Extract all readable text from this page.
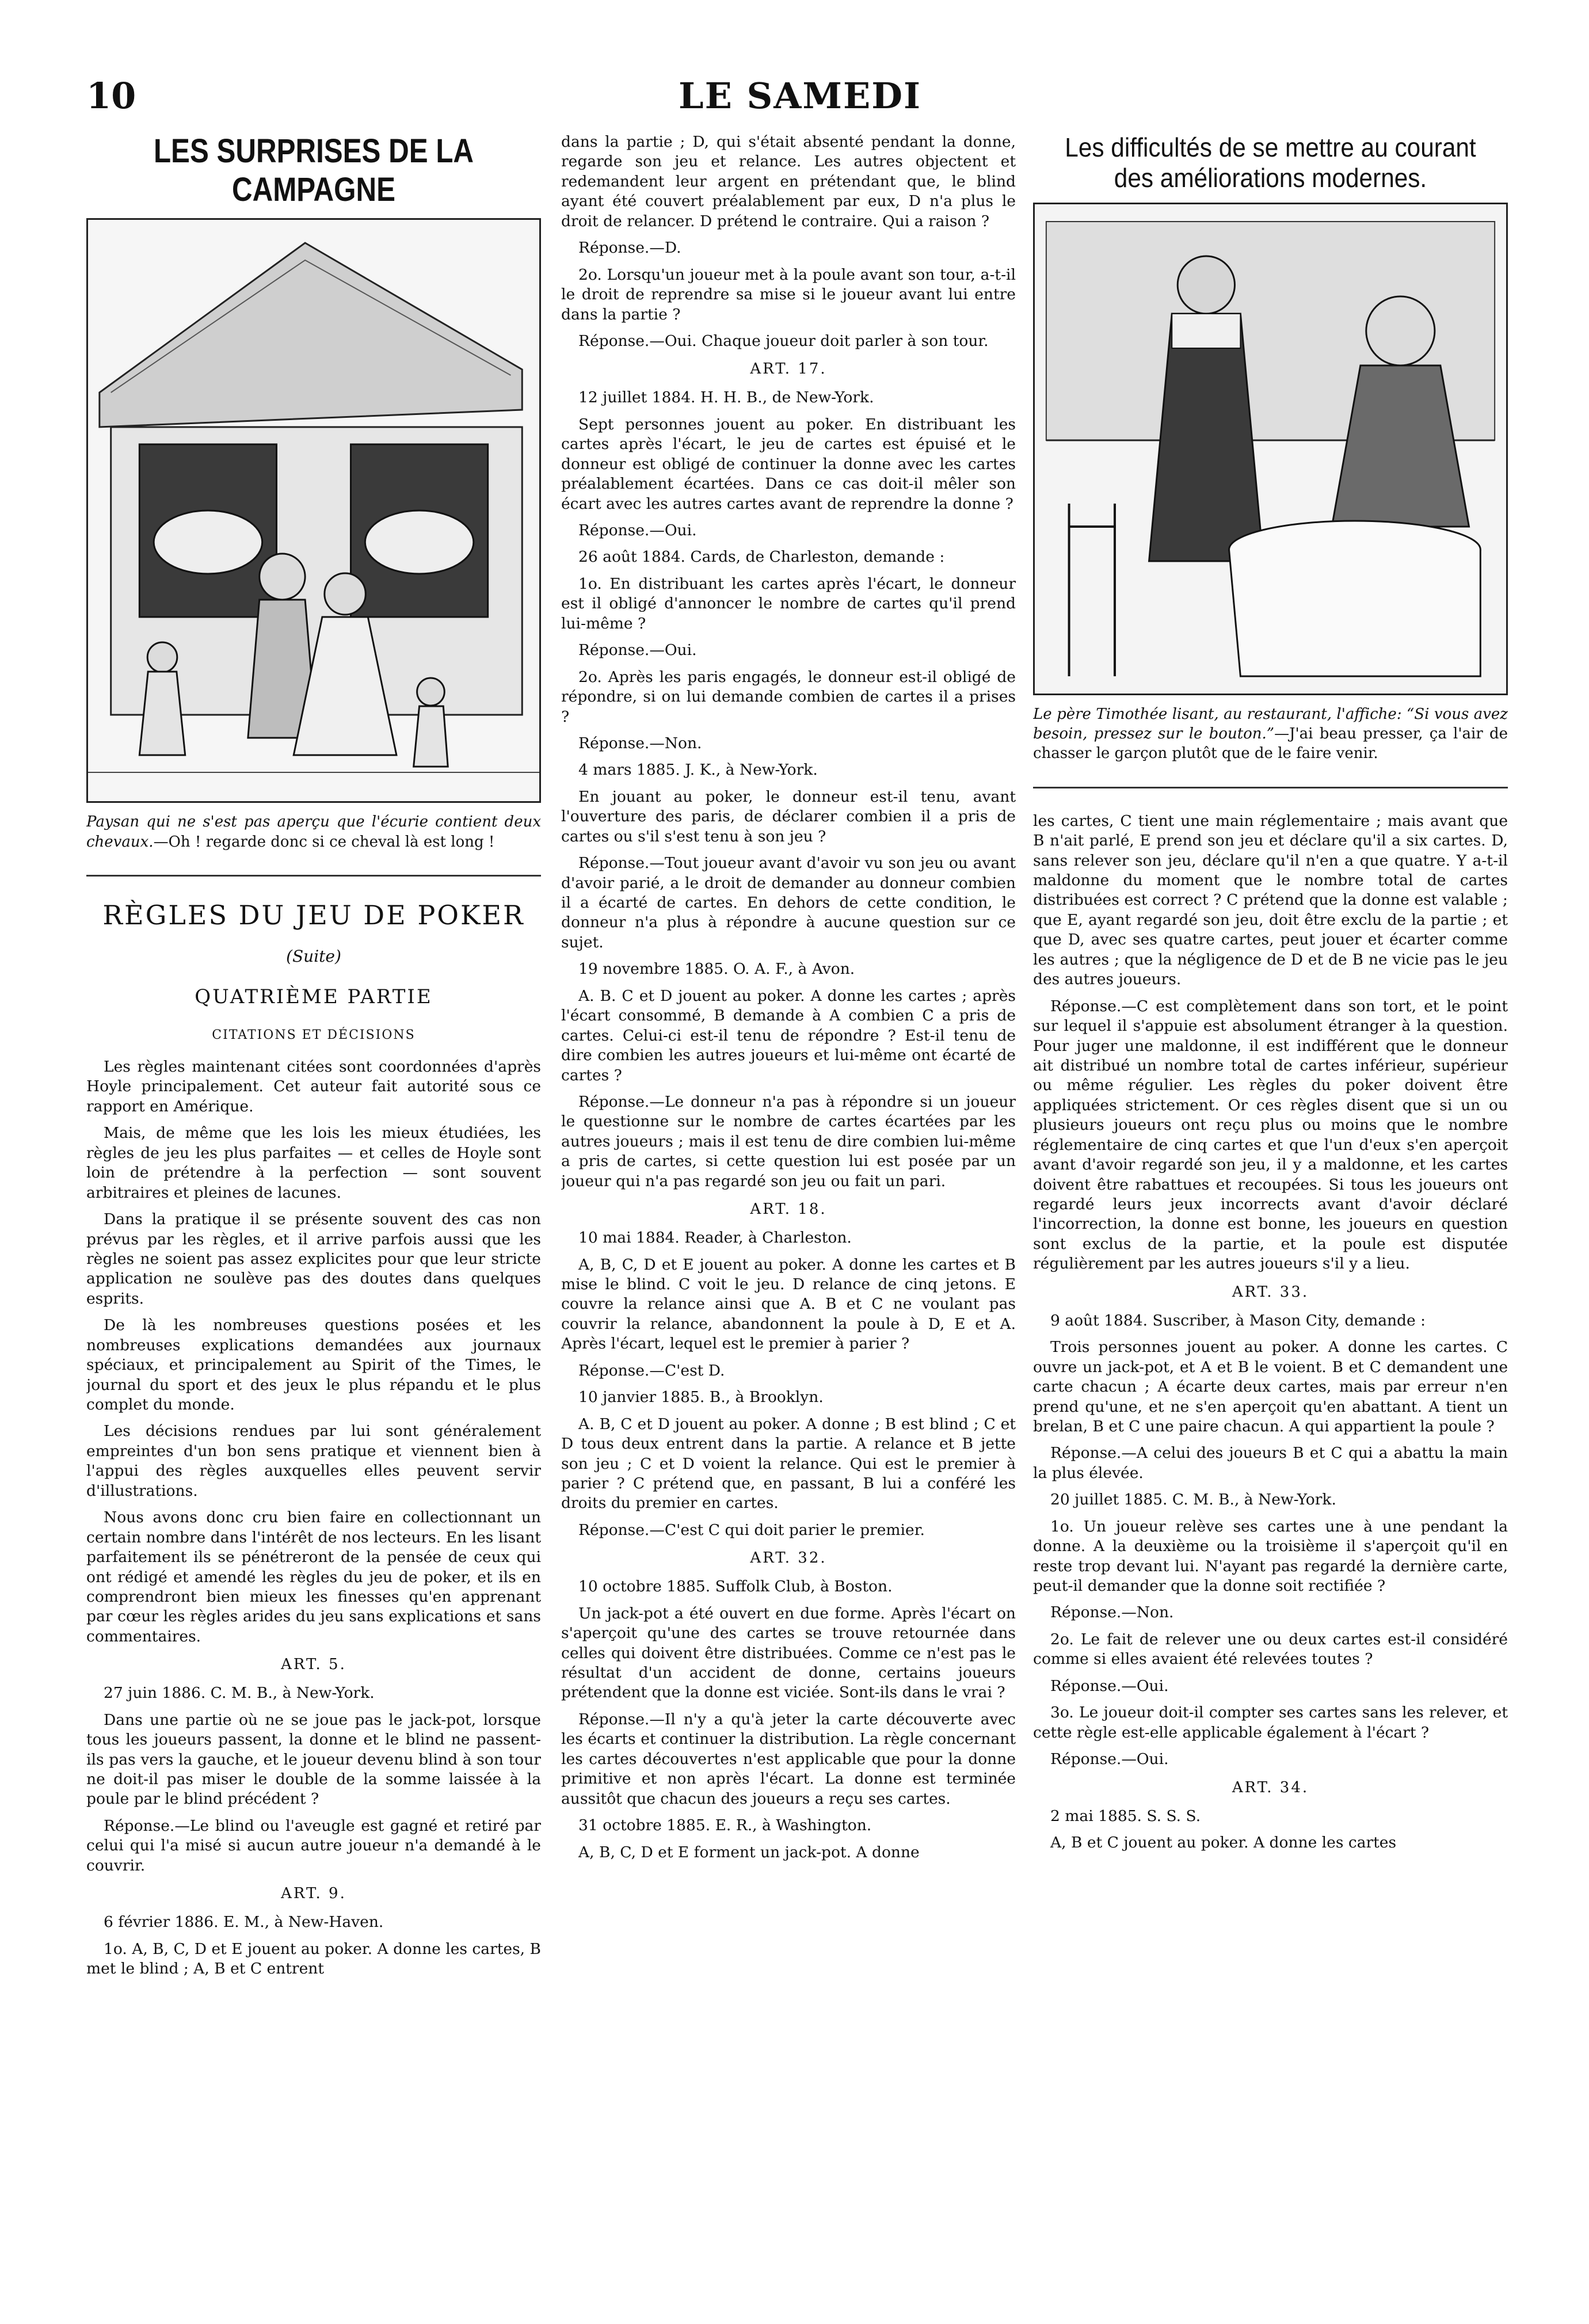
10	LE SAMEDI
LES SURPRISES DE LA CAMPAGNE
Paysan qui ne s'est pas aperçu que l'écurie contient deux chevaux.—Oh ! regarde donc si ce cheval là est long !
RÈGLES DU JEU DE POKER
(Suite)
QUATRIÈME PARTIE
CITATIONS ET DÉCISIONS

Les règles maintenant citées sont coordonnées d'après Hoyle principalement. Cet auteur fait autorité sous ce rapport en Amérique.

Mais, de même que les lois les mieux étudiées, les règles de jeu les plus parfaites — et celles de Hoyle sont loin de prétendre à la perfection — sont souvent arbitraires et pleines de lacunes.

Dans la pratique il se présente souvent des cas non prévus par les règles, et il arrive parfois aussi que les règles ne soient pas assez explicites pour que leur stricte application ne soulève pas des doutes dans quelques esprits.

De là les nombreuses questions posées et les nombreuses explications demandées aux journaux spéciaux, et principalement au Spirit of the Times, le journal du sport et des jeux le plus répandu et le plus complet du monde.

Les décisions rendues par lui sont généralement empreintes d'un bon sens pratique et viennent bien à l'appui des règles auxquelles elles peuvent servir d'illustrations.

Nous avons donc cru bien faire en collectionnant un certain nombre dans l'intérêt de nos lecteurs. En les lisant parfaitement ils se pénétreront de la pensée de ceux qui ont rédigé et amendé les règles du jeu de poker, et ils en comprendront bien mieux les finesses qu'en apprenant par cœur les règles arides du jeu sans explications et sans commentaires.

ART. 5.

27 juin 1886. C. M. B., à New-York.

Dans une partie où ne se joue pas le jack-pot, lorsque tous les joueurs passent, la donne et le blind ne passent-ils pas vers la gauche, et le joueur devenu blind à son tour ne doit-il pas miser le double de la somme laissée à la poule par le blind précédent ?

Réponse.—Le blind ou l'aveugle est gagné et retiré par celui qui l'a misé si aucun autre joueur n'a demandé à le couvrir.

ART. 9.

6 février 1886. E. M., à New-Haven.

1o. A, B, C, D et E jouent au poker. A donne les cartes, B met le blind ; A, B et C entrent

dans la partie ; D, qui s'était absenté pendant la donne, regarde son jeu et relance. Les autres objectent et redemandent leur argent en prétendant que, le blind ayant été couvert préalablement par eux, D n'a plus le droit de relancer. D prétend le contraire. Qui a raison ?

Réponse.—D.

2o. Lorsqu'un joueur met à la poule avant son tour, a-t-il le droit de reprendre sa mise si le joueur avant lui entre dans la partie ?

Réponse.—Oui. Chaque joueur doit parler à son tour.

ART. 17.

12 juillet 1884. H. H. B., de New-York.

Sept personnes jouent au poker. En distribuant les cartes après l'écart, le jeu de cartes est épuisé et le donneur est obligé de continuer la donne avec les cartes préalablement écartées. Dans ce cas doit-il mêler son écart avec les autres cartes avant de reprendre la donne ?

Réponse.—Oui.

26 août 1884. Cards, de Charleston, demande :

1o. En distribuant les cartes après l'écart, le donneur est il obligé d'annoncer le nombre de cartes qu'il prend lui-même ?

Réponse.—Oui.

2o. Après les paris engagés, le donneur est-il obligé de répondre, si on lui demande combien de cartes il a prises ?

Réponse.—Non.

4 mars 1885. J. K., à New-York.

En jouant au poker, le donneur est-il tenu, avant l'ouverture des paris, de déclarer combien il a pris de cartes ou s'il s'est tenu à son jeu ?

Réponse.—Tout joueur avant d'avoir vu son jeu ou avant d'avoir parié, a le droit de demander au donneur combien il a écarté de cartes. En dehors de cette condition, le donneur n'a plus à répondre à aucune question sur ce sujet.

19 novembre 1885. O. A. F., à Avon.

A. B. C et D jouent au poker. A donne les cartes ; après l'écart consommé, B demande à A combien C a pris de cartes. Celui-ci est-il tenu de répondre ? Est-il tenu de dire combien les autres joueurs et lui-même ont écarté de cartes ?

Réponse.—Le donneur n'a pas à répondre si un joueur le questionne sur le nombre de cartes écartées par les autres joueurs ; mais il est tenu de dire combien lui-même a pris de cartes, si cette question lui est posée par un joueur qui n'a pas regardé son jeu ou fait un pari.

ART. 18.

10 mai 1884. Reader, à Charleston.

A, B, C, D et E jouent au poker. A donne les cartes et B mise le blind. C voit le jeu. D relance de cinq jetons. E couvre la relance ainsi que A. B et C ne voulant pas couvrir la relance, abandonnent la poule à D, E et A. Après l'écart, lequel est le premier à parier ?

Réponse.—C'est D.

10 janvier 1885. B., à Brooklyn.

A. B, C et D jouent au poker. A donne ; B est blind ; C et D tous deux entrent dans la partie. A relance et B jette son jeu ; C et D voient la relance. Qui est le premier à parier ? C prétend que, en passant, B lui a conféré les droits du premier en cartes.

Réponse.—C'est C qui doit parier le premier.

ART. 32.

10 octobre 1885. Suffolk Club, à Boston.

Un jack-pot a été ouvert en due forme. Après l'écart on s'aperçoit qu'une des cartes se trouve retournée dans celles qui doivent être distribuées. Comme ce n'est pas le résultat d'un accident de donne, certains joueurs prétendent que la donne est viciée. Sont-ils dans le vrai ?

Réponse.—Il n'y a qu'à jeter la carte découverte avec les écarts et continuer la distribution. La règle concernant les cartes découvertes n'est applicable que pour la donne primitive et non après l'écart. La donne est terminée aussitôt que chacun des joueurs a reçu ses cartes.

31 octobre 1885. E. R., à Washington.

A, B, C, D et E forment un jack-pot. A donne

Les difficultés de se mettre au courant des améliorations modernes.
Le père Timothée lisant, au restaurant, l'affiche: “Si vous avez besoin, pressez sur le bouton.”—J'ai beau presser, ça l'air de chasser le garçon plutôt que de le faire venir.

les cartes, C tient une main réglementaire ; mais avant que B n'ait parlé, E prend son jeu et déclare qu'il a six cartes. D, sans relever son jeu, déclare qu'il n'en a que quatre. Y a-t-il maldonne du moment que le nombre total de cartes distribuées est correct ? C prétend que la donne est valable ; que E, ayant regardé son jeu, doit être exclu de la partie ; et que D, avec ses quatre cartes, peut jouer et écarter comme les autres ; que la négligence de D et de B ne vicie pas le jeu des autres joueurs.

Réponse.—C est complètement dans son tort, et le point sur lequel il s'appuie est absolument étranger à la question. Pour juger une maldonne, il est indifférent que le donneur ait distribué un nombre total de cartes inférieur, supérieur ou même régulier. Les règles du poker doivent être appliquées strictement. Or ces règles disent que si un ou plusieurs joueurs ont reçu plus ou moins que le nombre réglementaire de cinq cartes et que l'un d'eux s'en aperçoit avant d'avoir regardé son jeu, il y a maldonne, et les cartes doivent être rabattues et recoupées. Si tous les joueurs ont regardé leurs jeux incorrects avant d'avoir déclaré l'incorrection, la donne est bonne, les joueurs en question sont exclus de la partie, et la poule est disputée régulièrement par les autres joueurs s'il y a lieu.

ART. 33.

9 août 1884. Suscriber, à Mason City, demande :

Trois personnes jouent au poker. A donne les cartes. C ouvre un jack-pot, et A et B le voient. B et C demandent une carte chacun ; A écarte deux cartes, mais par erreur n'en prend qu'une, et ne s'en aperçoit qu'en abattant. A tient un brelan, B et C une paire chacun. A qui appartient la poule ?

Réponse.—A celui des joueurs B et C qui a abattu la main la plus élevée.

20 juillet 1885. C. M. B., à New-York.

1o. Un joueur relève ses cartes une à une pendant la donne. A la deuxième ou la troisième il s'aperçoit qu'il en reste trop devant lui. N'ayant pas regardé la dernière carte, peut-il demander que la donne soit rectifiée ?

Réponse.—Non.

2o. Le fait de relever une ou deux cartes est-il considéré comme si elles avaient été relevées toutes ?

Réponse.—Oui.

3o. Le joueur doit-il compter ses cartes sans les relever, et cette règle est-elle applicable également à l'écart ?

Réponse.—Oui.

ART. 34.

2 mai 1885. S. S. S.

A, B et C jouent au poker. A donne les cartes
